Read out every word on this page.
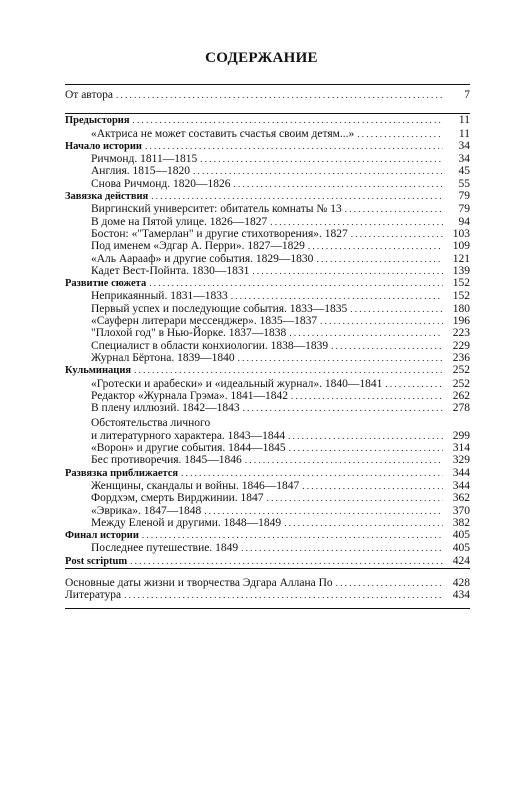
СОДЕРЖАНИЕ
От автора . . .	7
Предыстория . . .	11
«Актриса не может составить счастья своим детям...» . . .	11
Начало истории . . .	34
Ричмонд. 1811—1815 . . .	34
Англия. 1815—1820 . . .	45
Снова Ричмонд. 1820—1826 . . .	55
Завязка действия . . .	79
Виргинский университет: обитатель комнаты № 13 . . .	79
В доме на Пятой улице. 1826—1827 . . .	94
Бостон: «"Тамерлан" и другие стихотворения». 1827 . . .	103
Под именем «Эдгар А. Перри». 1827—1829 . . .	109
«Аль Аарааф» и другие события. 1829—1830 . . .	121
Кадет Вест-Пойнта. 1830—1831 . . .	139
Развитие сюжета . . .	152
Неприкаянный. 1831—1833 . . .	152
Первый успех и последующие события. 1833—1835 . . .	180
«Сауферн литерари мессенджер». 1835—1837 . . .	196
"Плохой год" в Нью-Йорке. 1837—1838 . . .	223
Специалист в области конхиологии. 1838—1839 . . .	229
Журнал Бёртона. 1839—1840 . . .	236
Кульминация . . .	252
«Гротески и арабески» и «идеальный журнал». 1840—1841 . . .	252
Редактор «Журнала Грэма». 1841—1842 . . .	262
В плену иллюзий. 1842—1843 . . .	278
Обстоятельства личного
и литературного характера. 1843—1844 . . .	299
«Ворон» и другие события. 1844—1845 . . .	314
Бес противоречия. 1845—1846 . . .	329
Развязка приближается . . .	344
Женщины, скандалы и войны. 1846—1847 . . .	344
Фордхэм, смерть Вирджинии. 1847 . . .	362
«Эврика». 1847—1848 . . .	370
Между Еленой и другими. 1848—1849 . . .	382
Финал истории . . .	405
Последнее путешествие. 1849 . . .	405
Post scriptum . . .	424
Основные даты жизни и творчества Эдгара Аллана По . . .	428
Литература . . .	434
